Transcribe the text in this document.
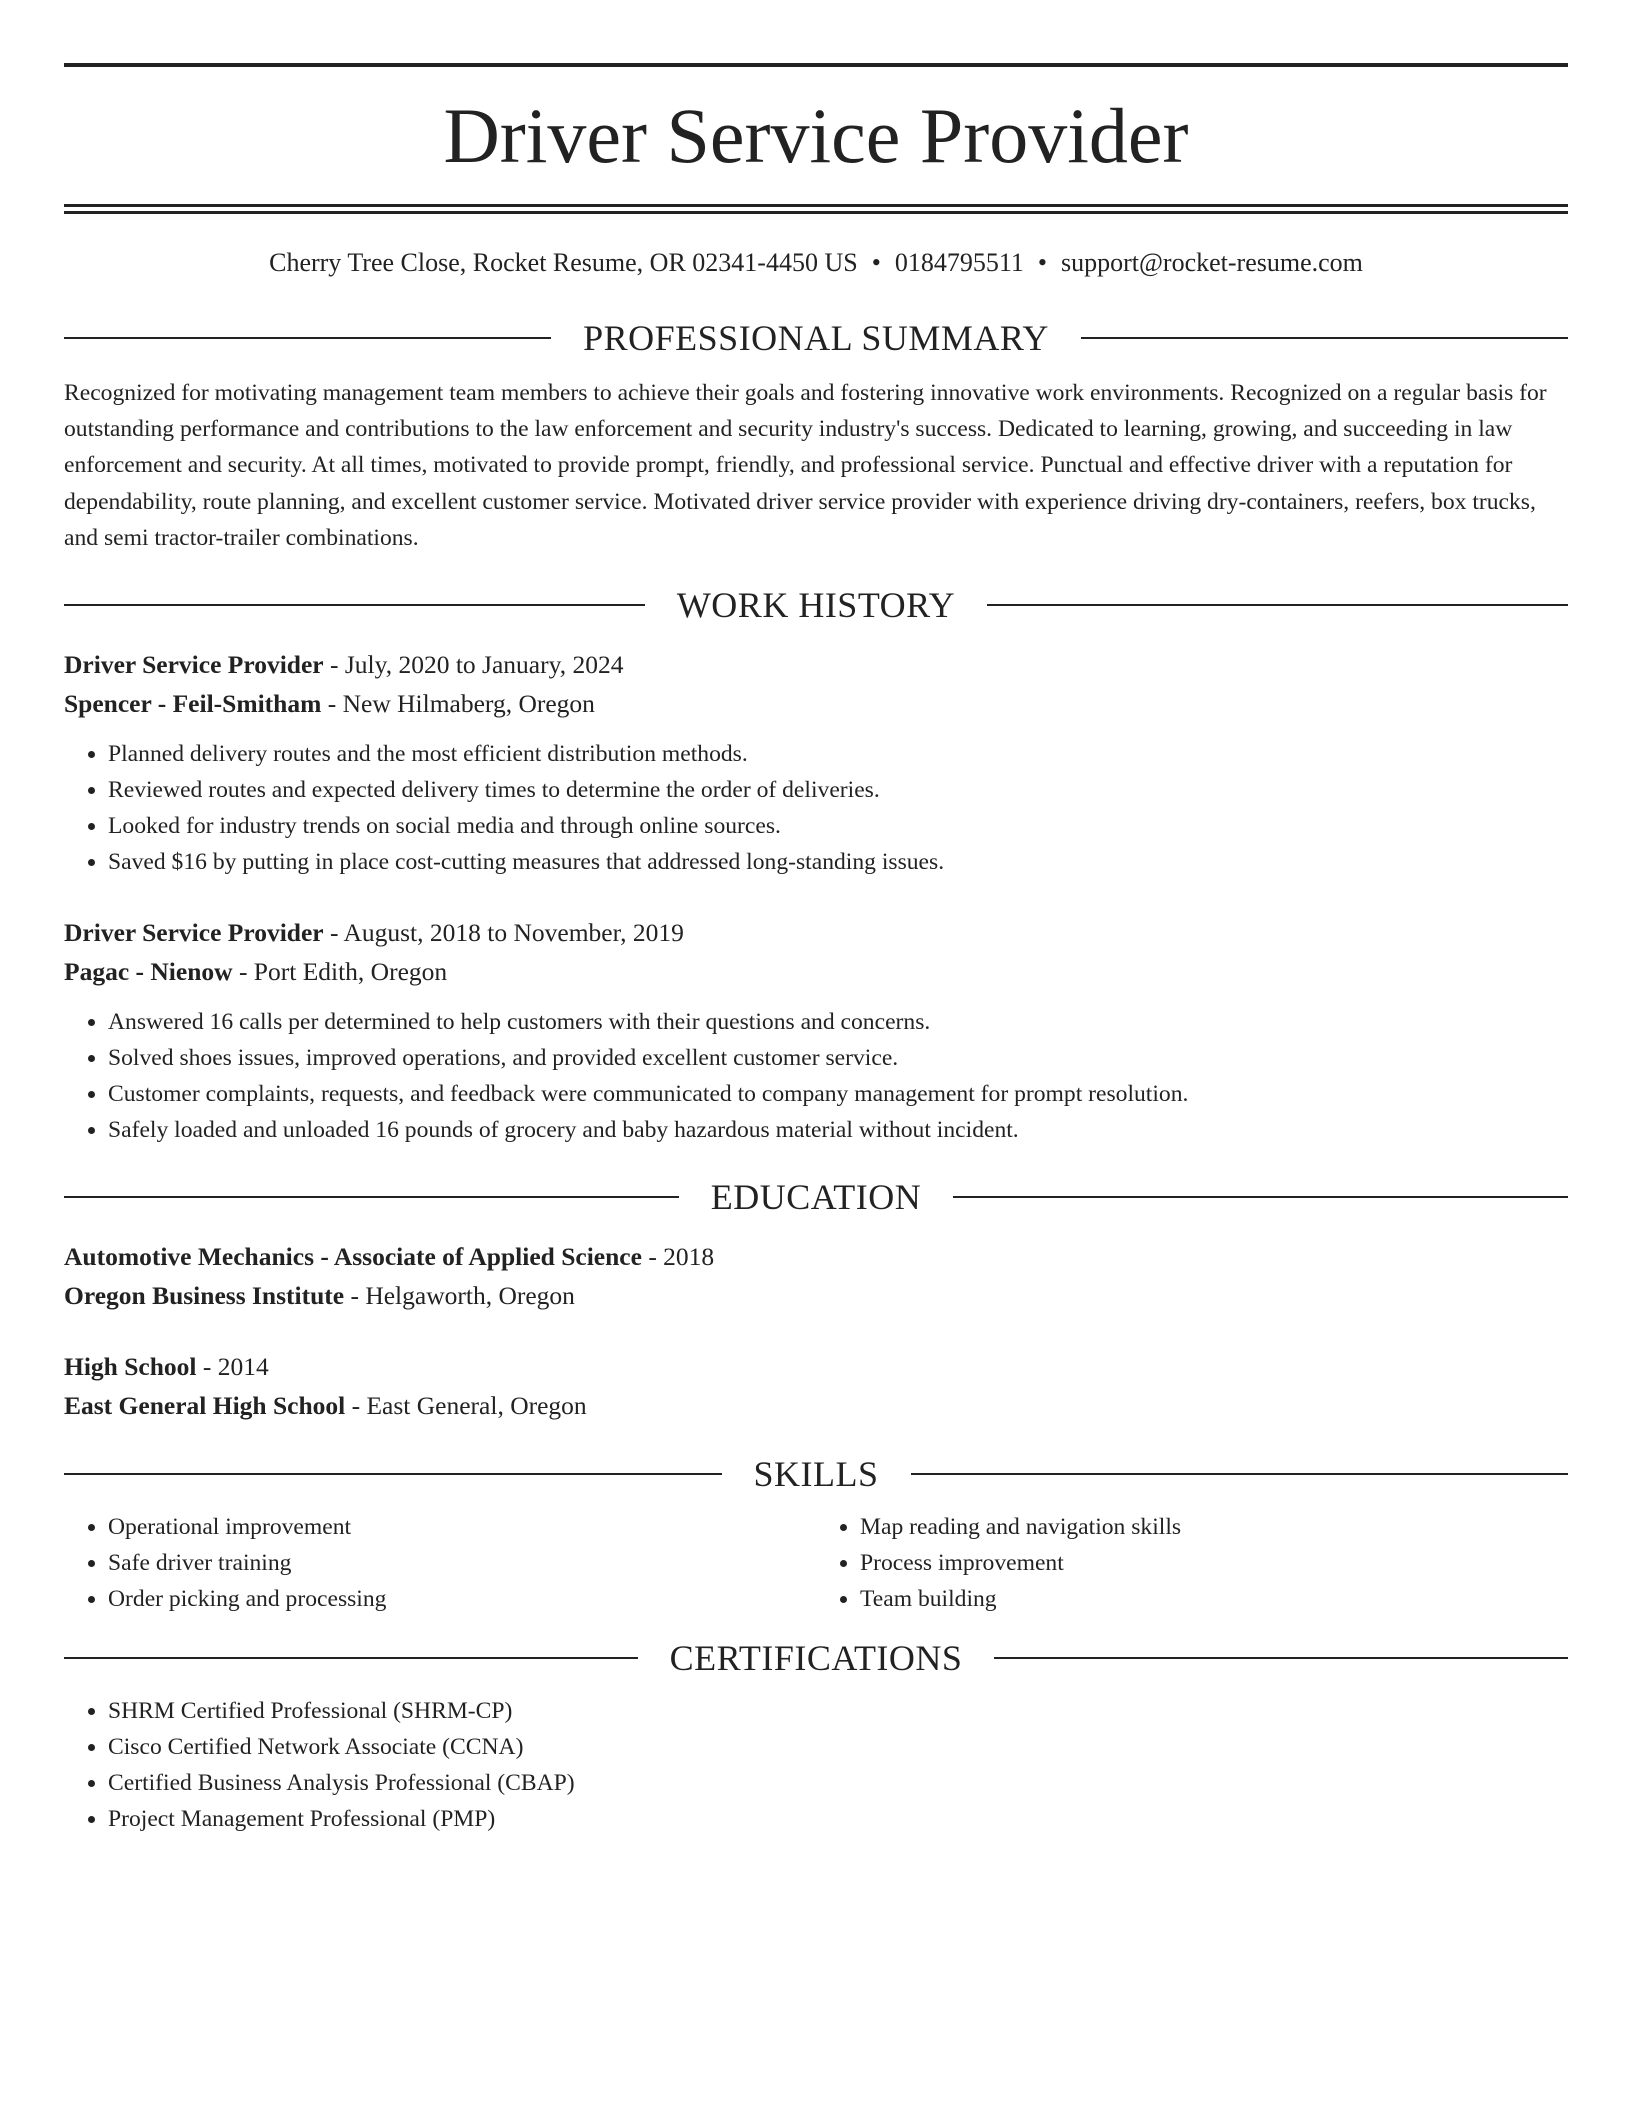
Driver Service Provider
Cherry Tree Close, Rocket Resume, OR 02341-4450 US • 0184795511 • support@rocket-resume.com
PROFESSIONAL SUMMARY

Recognized for motivating management team members to achieve their goals and fostering innovative work environments. Recognized on a regular basis for outstanding performance and contributions to the law enforcement and security industry's success. Dedicated to learning, growing, and succeeding in law enforcement and security. At all times, motivated to provide prompt, friendly, and professional service. Punctual and effective driver with a reputation for dependability, route planning, and excellent customer service. Motivated driver service provider with experience driving dry-containers, reefers, box trucks, and semi tractor-trailer combinations.

WORK HISTORY
Driver Service Provider - July, 2020 to January, 2024
Spencer - Feil-Smitham - New Hilmaberg, Oregon
• Planned delivery routes and the most efficient distribution methods.
• Reviewed routes and expected delivery times to determine the order of deliveries.
• Looked for industry trends on social media and through online sources.
• Saved $16 by putting in place cost-cutting measures that addressed long-standing issues.
Driver Service Provider - August, 2018 to November, 2019
Pagac - Nienow - Port Edith, Oregon
• Answered 16 calls per determined to help customers with their questions and concerns.
• Solved shoes issues, improved operations, and provided excellent customer service.
• Customer complaints, requests, and feedback were communicated to company management for prompt resolution.
• Safely loaded and unloaded 16 pounds of grocery and baby hazardous material without incident.
EDUCATION
Automotive Mechanics - Associate of Applied Science - 2018
Oregon Business Institute - Helgaworth, Oregon
High School - 2014
East General High School - East General, Oregon
SKILLS
• Operational improvement
• Safe driver training
• Order picking and processing
• Map reading and navigation skills
• Process improvement
• Team building
CERTIFICATIONS
• SHRM Certified Professional (SHRM-CP)
• Cisco Certified Network Associate (CCNA)
• Certified Business Analysis Professional (CBAP)
• Project Management Professional (PMP)
